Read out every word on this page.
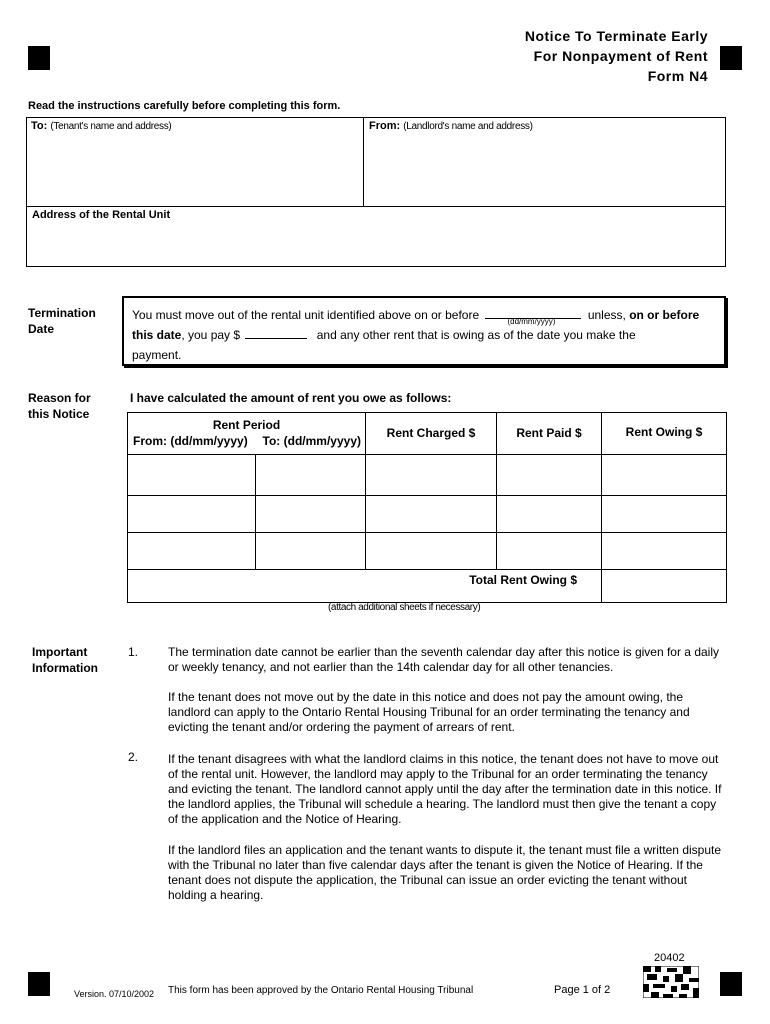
Notice To Terminate Early
For Nonpayment of Rent
Form N4
Read the instructions carefully before completing this form.
To: (Tenant's name and address)	From: (Landlord's name and address)
Address of the Rental Unit
Termination
Date
You must move out of the rental unit identified above on or before	(dd/mm/yyyy)	unless, on or before
this date, you pay $	and any other rent that is owing as of the date you make the
payment.
Reason for
this Notice
I have calculated the amount of rent you owe as follows:
Rent Period
From: (dd/mm/yyyy) To: (dd/mm/yyyy)		Rent Charged $	Rent Paid $	Rent Owing $

Total Rent Owing $				
(attach additional sheets if necessary)
Important
Information
1. The termination date cannot be earlier than the seventh calendar day after this notice is given for a daily or weekly tenancy, and not earlier than the 14th calendar day for all other tenancies.
If the tenant does not move out by the date in this notice and does not pay the amount owing, the landlord can apply to the Ontario Rental Housing Tribunal for an order terminating the tenancy and evicting the tenant and/or ordering the payment of arrears of rent.
2. If the tenant disagrees with what the landlord claims in this notice, the tenant does not have to move out of the rental unit. However, the landlord may apply to the Tribunal for an order terminating the tenancy and evicting the tenant. The landlord cannot apply until the day after the termination date in this notice. If the landlord applies, the Tribunal will schedule a hearing. The landlord must then give the tenant a copy of the application and the Notice of Hearing.
If the landlord files an application and the tenant wants to dispute it, the tenant must file a written dispute with the Tribunal no later than five calendar days after the tenant is given the Notice of Hearing. If the tenant does not dispute the application, the Tribunal can issue an order evicting the tenant without holding a hearing.
20402
Version. 07/10/2002 This form has been approved by the Ontario Rental Housing Tribunal	Page 1 of 2
